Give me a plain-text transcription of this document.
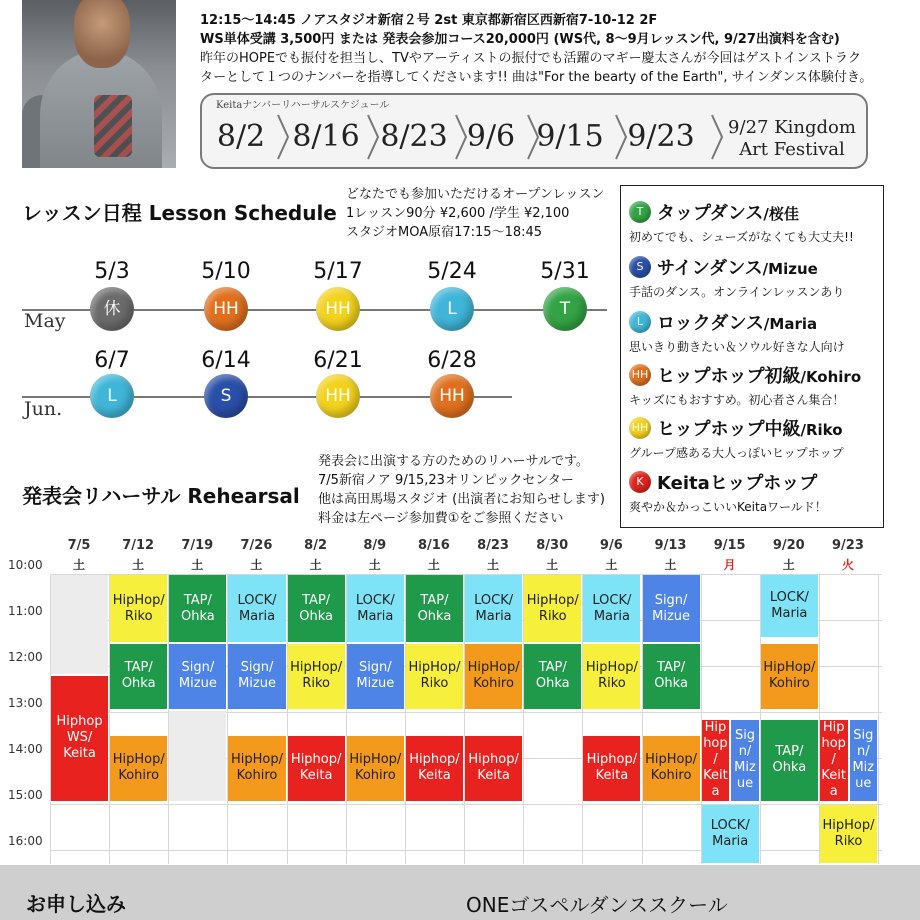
12:15～14:45 ノアスタジオ新宿２号 2st 東京都新宿区西新宿7-10-12 2F
WS単体受講 3,500円 または 発表会参加コース20,000円 (WS代, 8～9月レッスン代, 9/27出演料を含む)
昨年のHOPEでも振付を担当し、TVやアーティストの振付でも活躍のマギー慶太さんが今回はゲストインストラク
ターとして１つのナンバーを指導してくださいます!! 曲は"For the bearty of the Earth", サインダンス体験付き。
Keitaナンバーリハーサルスケジュール
8/2 8/16 8/23 9/6 9/15 9/23	9/27 Kingdom
Art Festival
レッスン日程 Lesson Schedule
どなたでも参加いただけるオープンレッスン
1レッスン90分 ¥2,600 /学生 ¥2,100
スタジオMOA原宿17:15～18:45
May
Jun.
5/3
休
5/10
HH
5/17
HH
5/24
L
5/31
T
6/7
L
6/14
S
6/21
HH
6/28
HH
T タップダンス/桜佳
初めてでも、シューズがなくても大丈夫!!
S サインダンス/Mizue
手話のダンス。オンラインレッスンあり
L ロックダンス/Maria
思いきり動きたい＆ソウル好きな人向け
HH ヒップホップ初級/Kohiro
キッズにもおすすめ。初心者さん集合！
HH ヒップホップ中級/Riko
グループ感ある大人っぽいヒップホップ
K Keitaヒップホップ
爽やか＆かっこいいKeitaワールド！
発表会リハーサル Rehearsal
発表会に出演する方のためのリハーサルです。
7/5新宿ノア 9/15,23オリンピックセンター
他は高田馬場スタジオ (出演者にお知らせします)
料金は左ページ参加費①をご参照ください
7/5
土
7/12
土
7/19
土
7/26
土
8/2
土
8/9
土
8/16
土
8/23
土
8/30
土
9/6
土
9/13
土
9/15
月
9/20
土
9/23
火
10:00
11:00
12:00
13:00
14:00
15:00
16:00
Hiphop
WS/
Keita
HipHop/
Riko
TAP/
Ohka
HipHop/
Kohiro
TAP/
Ohka
Sign/
Mizue
LOCK/
Maria
Sign/
Mizue
HipHop/
Kohiro
TAP/
Ohka
HipHop/
Riko
Hiphop/
Keita
LOCK/
Maria
Sign/
Mizue
HipHop/
Kohiro
TAP/
Ohka
HipHop/
Riko
Hiphop/
Keita
LOCK/
Maria
HipHop/
Kohiro
Hiphop/
Keita
HipHop/
Riko
TAP/
Ohka
LOCK/
Maria
HipHop/
Riko
Hiphop/
Keita
Sign/
Mizue
TAP/
Ohka
HipHop/
Kohiro
Hip
hop
/
Keit
a
Sig
n/
Miz
ue
LOCK/
Maria
LOCK/
Maria
HipHop/
Kohiro
TAP/
Ohka
Hip
hop
/
Keit
a
Sig
n/
Miz
ue
HipHop/
Riko
お申し込み	ONEゴスペルダンススクール
